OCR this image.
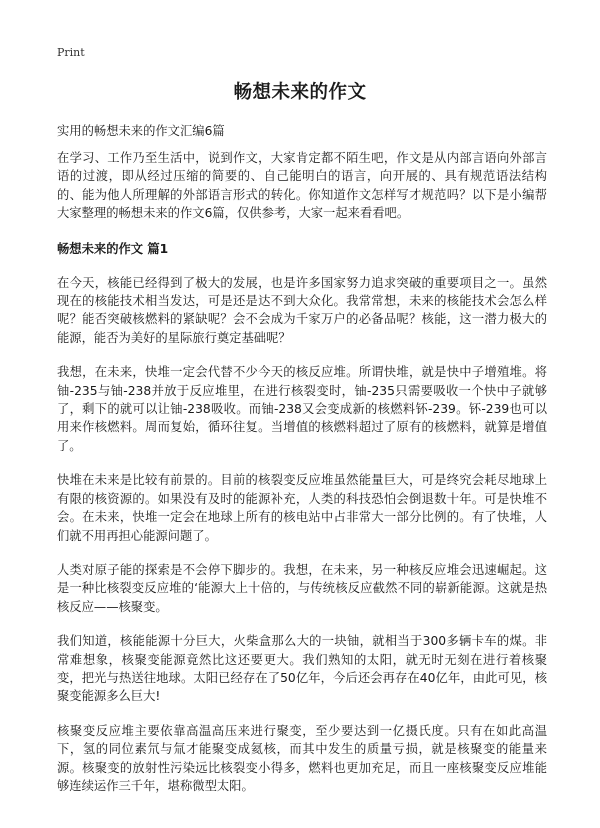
Print
畅想未来的作文

实用的畅想未来的作文汇编6篇

在学习、工作乃至生活中，说到作文，大家肯定都不陌生吧，作文是从内部言语向外部言语的过渡，即从经过压缩的简要的、自己能明白的语言，向开展的、具有规范语法结构的、能为他人所理解的外部语言形式的转化。你知道作文怎样写才规范吗？以下是小编帮大家整理的畅想未来的作文6篇，仅供参考，大家一起来看看吧。

畅想未来的作文 篇1

在今天，核能已经得到了极大的发展，也是许多国家努力追求突破的重要项目之一。虽然现在的核能技术相当发达，可是还是达不到大众化。我常常想，未来的核能技术会怎么样呢？能否突破核燃料的紧缺呢？会不会成为千家万户的必备品呢？核能，这一潜力极大的能源，能否为美好的星际旅行奠定基础呢？

我想，在未来，快堆一定会代替不少今天的核反应堆。所谓快堆，就是快中子增殖堆。将铀-235与铀-238并放于反应堆里，在进行核裂变时，铀-235只需要吸收一个快中子就够了，剩下的就可以让铀-238吸收。而铀-238又会变成新的核燃料钚-239。钚-239也可以用来作核燃料。周而复始，循环往复。当增值的核燃料超过了原有的核燃料，就算是增值了。

快堆在未来是比较有前景的。目前的核裂变反应堆虽然能量巨大，可是终究会耗尽地球上有限的核资源的。如果没有及时的能源补充，人类的科技恐怕会倒退数十年。可是快堆不会。在未来，快堆一定会在地球上所有的核电站中占非常大一部分比例的。有了快堆，人们就不用再担心能源问题了。

人类对原子能的探索是不会停下脚步的。我想，在未来，另一种核反应堆会迅速崛起。这是一种比核裂变反应堆的‘能源大上十倍的，与传统核反应截然不同的崭新能源。这就是热核反应——核聚变。

我们知道，核能能源十分巨大，火柴盒那么大的一块铀，就相当于300多辆卡车的煤。非常难想象，核聚变能源竟然比这还要更大。我们熟知的太阳，就无时无刻在进行着核聚变，把光与热送往地球。太阳已经存在了50亿年，今后还会再存在40亿年，由此可见，核聚变能源多么巨大!

核聚变反应堆主要依靠高温高压来进行聚变，至少要达到一亿摄氏度。只有在如此高温下，氢的同位素氘与氚才能聚变成氦核，而其中发生的质量亏损，就是核聚变的能量来源。核聚变的放射性污染远比核裂变小得多，燃料也更加充足，而且一座核聚变反应堆能够连续运作三千年，堪称微型太阳。
